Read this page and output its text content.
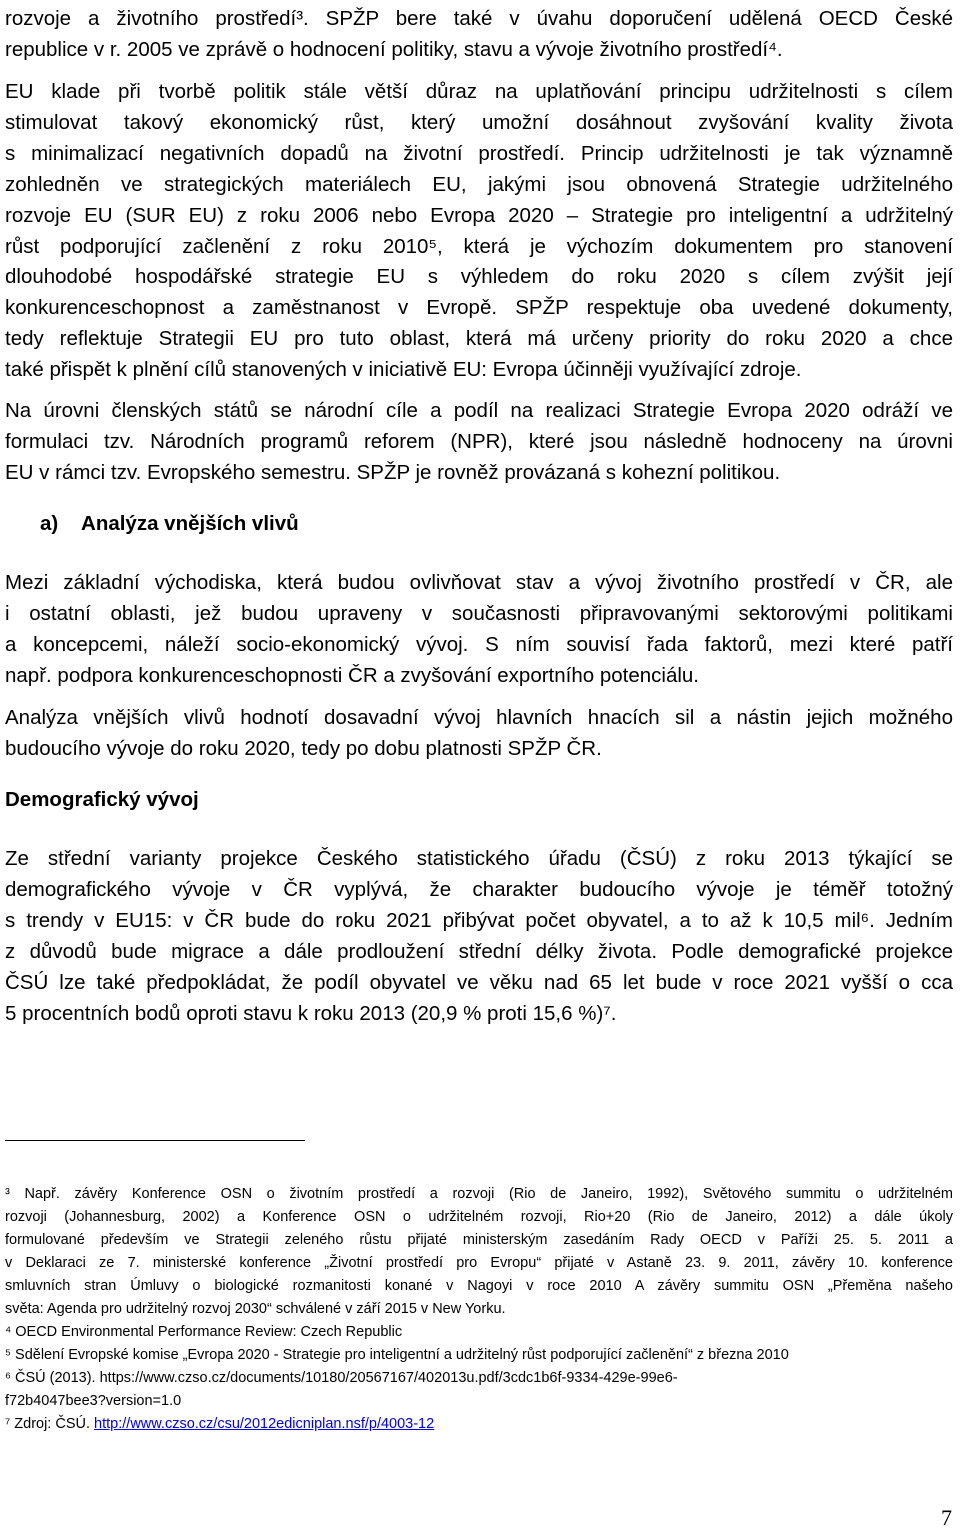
rozvoje a životního prostředí³. SPŽP bere také v úvahu doporučení udělená OECD České
republice v r. 2005 ve zprávě o hodnocení politiky, stavu a vývoje životního prostředí⁴.
EU klade při tvorbě politik stále větší důraz na uplatňování principu udržitelnosti s cílem
stimulovat takový ekonomický růst, který umožní dosáhnout zvyšování kvality života
s minimalizací negativních dopadů na životní prostředí. Princip udržitelnosti je tak významně
zohledněn ve strategických materiálech EU, jakými jsou obnovená Strategie udržitelného
rozvoje EU (SUR EU) z roku 2006 nebo Evropa 2020 – Strategie pro inteligentní a udržitelný
růst podporující začlenění z roku 2010⁵, která je výchozím dokumentem pro stanovení
dlouhodobé hospodářské strategie EU s výhledem do roku 2020 s cílem zvýšit její
konkurenceschopnost a zaměstnanost v Evropě. SPŽP respektuje oba uvedené dokumenty,
tedy reflektuje Strategii EU pro tuto oblast, která má určeny priority do roku 2020 a chce
také přispět k plnění cílů stanovených v iniciativě EU: Evropa účinněji využívající zdroje.
Na úrovni členských států se národní cíle a podíl na realizaci Strategie Evropa 2020 odráží ve
formulaci tzv. Národních programů reforem (NPR), které jsou následně hodnoceny na úrovni
EU v rámci tzv. Evropského semestru. SPŽP je rovněž provázaná s kohezní politikou.
a)    Analýza vnějších vlivů
Mezi základní východiska, která budou ovlivňovat stav a vývoj životního prostředí v ČR, ale
i ostatní oblasti, jež budou upraveny v současnosti připravovanými sektorovými politikami
a koncepcemi, náleží socio-ekonomický vývoj. S ním souvisí řada faktorů, mezi které patří
např. podpora konkurenceschopnosti ČR a zvyšování exportního potenciálu.
Analýza vnějších vlivů hodnotí dosavadní vývoj hlavních hnacích sil a nástin jejich možného
budoucího vývoje do roku 2020, tedy po dobu platnosti SPŽP ČR.
Demografický vývoj
Ze střední varianty projekce Českého statistického úřadu (ČSÚ) z roku 2013 týkající se
demografického vývoje v ČR vyplývá, že charakter budoucího vývoje je téměř totožný
s trendy v EU15: v ČR bude do roku 2021 přibývat počet obyvatel, a to až k 10,5 mil⁶. Jedním
z důvodů bude migrace a dále prodloužení střední délky života. Podle demografické projekce
ČSÚ lze také předpokládat, že podíl obyvatel ve věku nad 65 let bude v roce 2021 vyšší o cca
5 procentních bodů oproti stavu k roku 2013 (20,9 % proti 15,6 %)⁷.
³ Např. závěry Konference OSN o životním prostředí a rozvoji (Rio de Janeiro, 1992), Světového summitu o udržitelném
rozvoji (Johannesburg, 2002) a Konference OSN o udržitelném rozvoji, Rio+20 (Rio de Janeiro, 2012) a dále úkoly
formulované především ve Strategii zeleného růstu přijaté ministerským zasedáním Rady OECD v Paříži 25. 5. 2011 a
v Deklaraci ze 7. ministerské konference „Životní prostředí pro Evropu“ přijaté v Astaně 23. 9. 2011, závěry 10. konference
smluvních stran Úmluvy o biologické rozmanitosti konané v Nagoyi v roce 2010 A závěry summitu OSN „Přeměna našeho
světa: Agenda pro udržitelný rozvoj 2030“ schválené v září 2015 v New Yorku.
⁴ OECD Environmental Performance Review: Czech Republic
⁵ Sdělení Evropské komise „Evropa 2020 - Strategie pro inteligentní a udržitelný růst podporující začlenění“ z března 2010
⁶ ČSÚ (2013). https://www.czso.cz/documents/10180/20567167/402013u.pdf/3cdc1b6f-9334-429e-99e6-
f72b4047bee3?version=1.0
⁷ Zdroj: ČSÚ. http://www.czso.cz/csu/2012edicniplan.nsf/p/4003-12
7
